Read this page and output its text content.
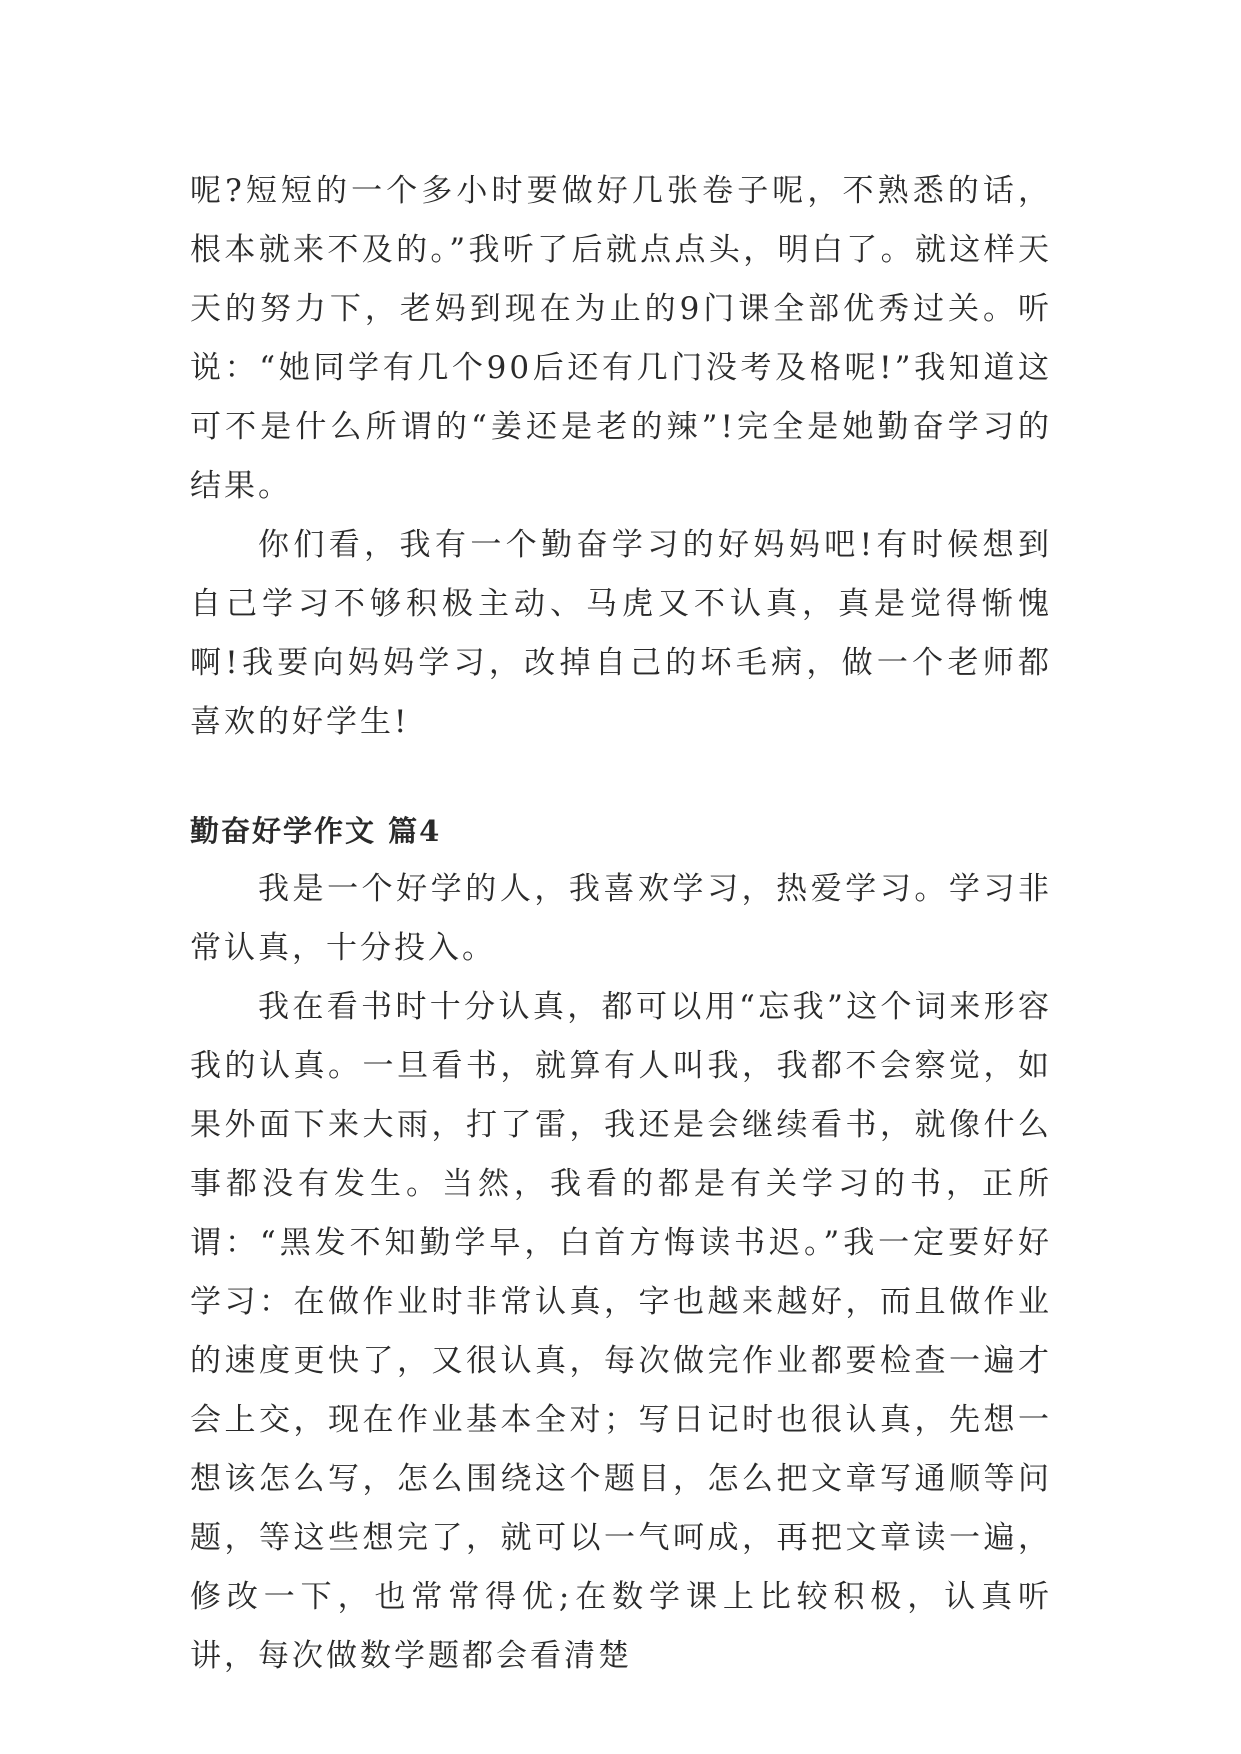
呢?短短的一个多小时要做好几张卷子呢，不熟悉的话，根本就来不及的。”我听了后就点点头，明白了。就这样天天的努力下，老妈到现在为止的9门课全部优秀过关。听说：“她同学有几个90后还有几门没考及格呢!”我知道这可不是什么所谓的“姜还是老的辣”!完全是她勤奋学习的结果。

你们看，我有一个勤奋学习的好妈妈吧!有时候想到自己学习不够积极主动、马虎又不认真，真是觉得惭愧啊!我要向妈妈学习，改掉自己的坏毛病，做一个老师都喜欢的好学生!

勤奋好学作文 篇4

我是一个好学的人，我喜欢学习，热爱学习。学习非常认真，十分投入。

我在看书时十分认真，都可以用“忘我”这个词来形容我的认真。一旦看书，就算有人叫我，我都不会察觉，如果外面下来大雨，打了雷，我还是会继续看书，就像什么事都没有发生。当然，我看的都是有关学习的书，正所谓：“黑发不知勤学早，白首方悔读书迟。”我一定要好好学习：在做作业时非常认真，字也越来越好，而且做作业的速度更快了，又很认真，每次做完作业都要检查一遍才会上交，现在作业基本全对；写日记时也很认真，先想一想该怎么写，怎么围绕这个题目，怎么把文章写通顺等问题，等这些想完了，就可以一气呵成，再把文章读一遍，修改一下，也常常得优;在数学课上比较积极，认真听讲，每次做数学题都会看清楚
